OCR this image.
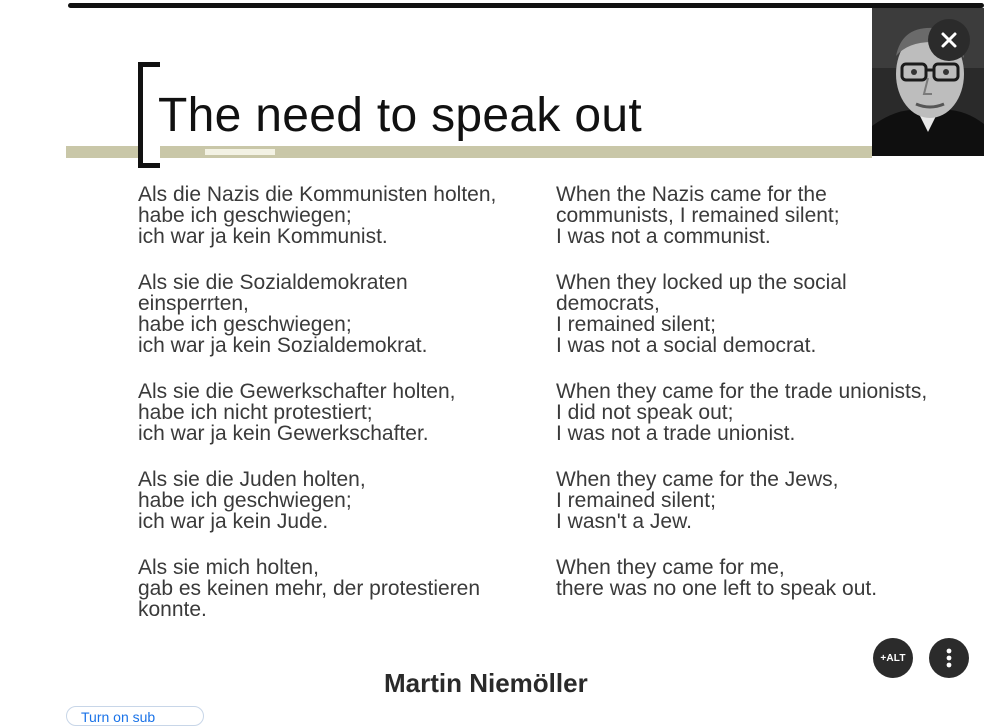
The need to speak out
Als die Nazis die Kommunisten holten,
habe ich geschwiegen;
ich war ja kein Kommunist.
Als sie die Sozialdemokraten
einsperrten,
habe ich geschwiegen;
ich war ja kein Sozialdemokrat.
Als sie die Gewerkschafter holten,
habe ich nicht protestiert;
ich war ja kein Gewerkschafter.
Als sie die Juden holten,
habe ich geschwiegen;
ich war ja kein Jude.
Als sie mich holten,
gab es keinen mehr, der protestieren
konnte.
When the Nazis came for the
communists, I remained silent;
I was not a communist.
When they locked up the social
democrats,
I remained silent;
I was not a social democrat.
When they came for the trade unionists,
I did not speak out;
I was not a trade unionist.
When they came for the Jews,
I remained silent;
I wasn't a Jew.
When they came for me,
there was no one left to speak out.
Martin Niemöller
+ALT
Turn on sub
